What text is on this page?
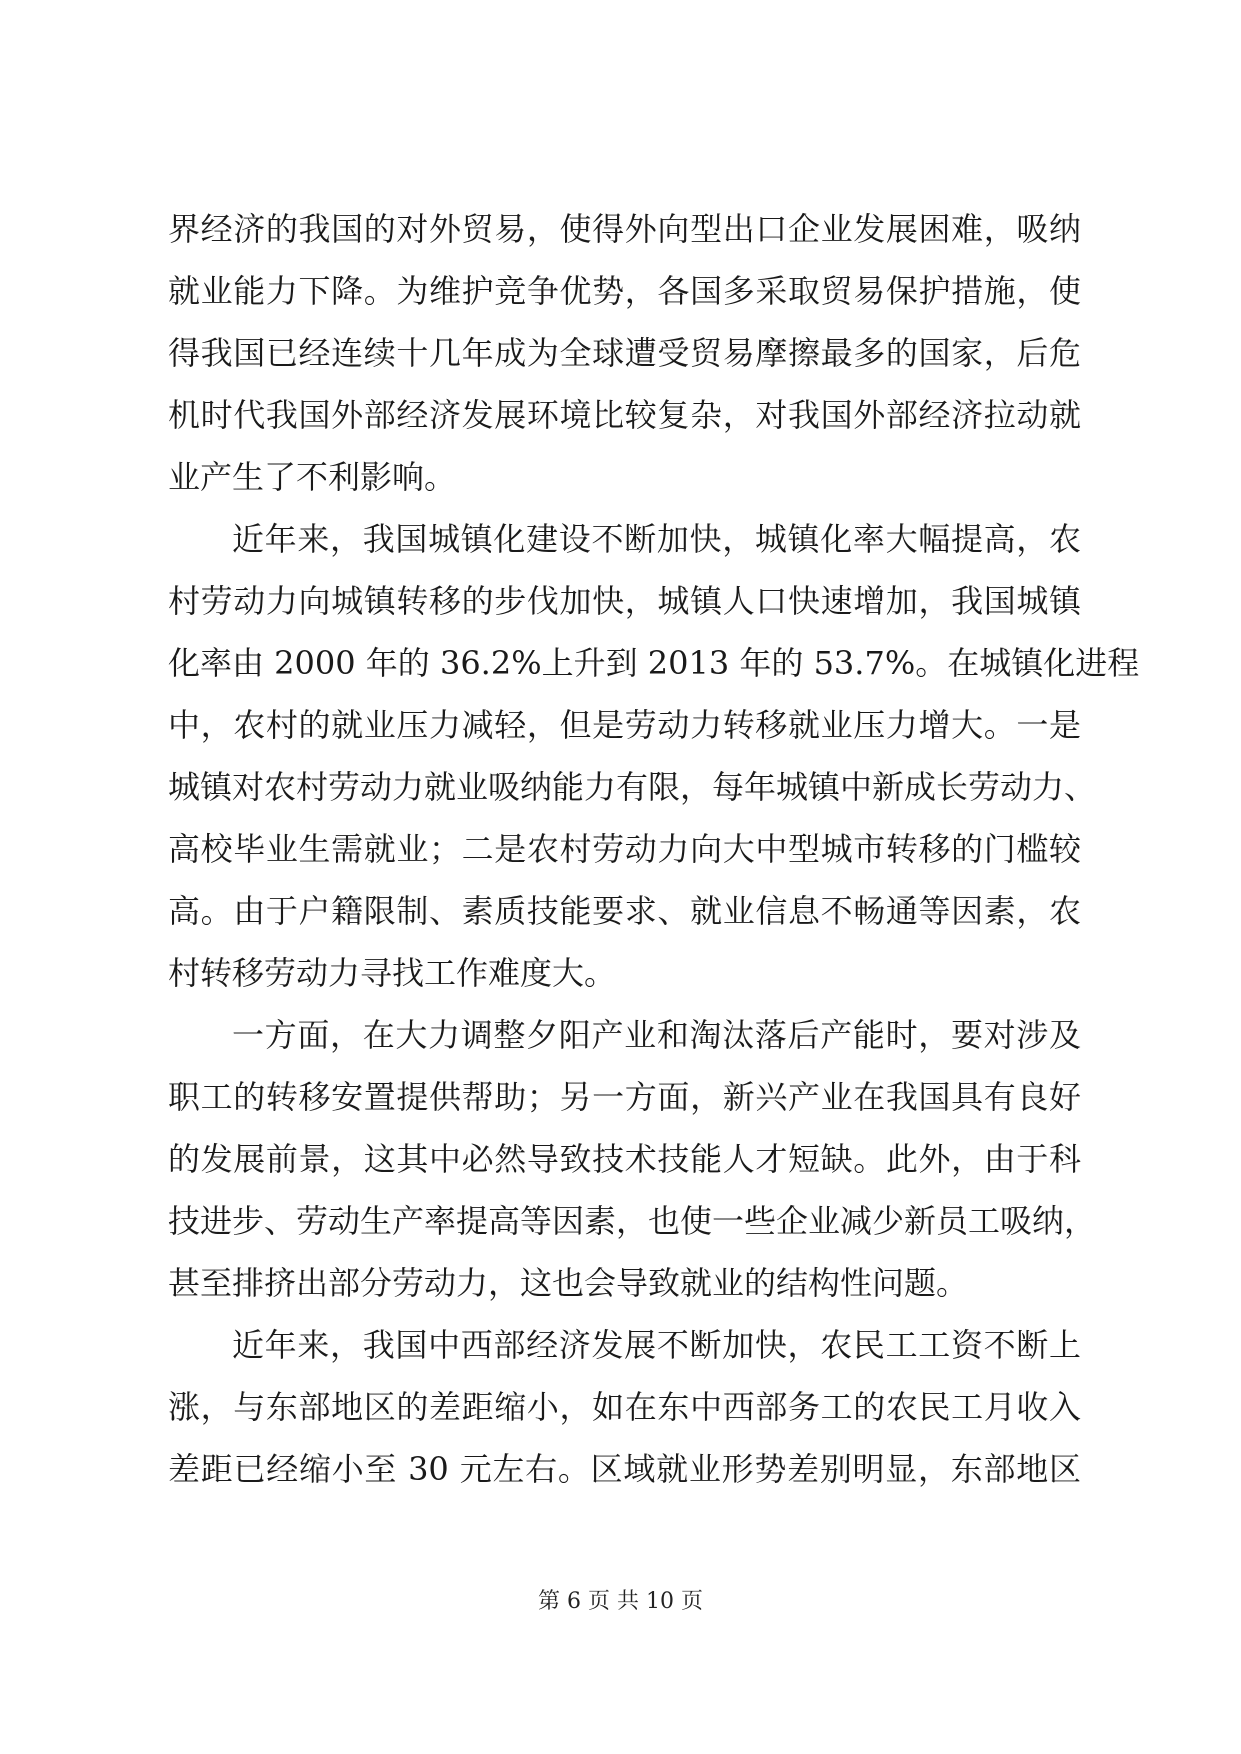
界经济的我国的对外贸易，使得外向型出口企业发展困难，吸纳
就业能力下降。为维护竞争优势，各国多采取贸易保护措施，使
得我国已经连续十几年成为全球遭受贸易摩擦最多的国家，后危
机时代我国外部经济发展环境比较复杂，对我国外部经济拉动就
业产生了不利影响。
近年来，我国城镇化建设不断加快，城镇化率大幅提高，农
村劳动力向城镇转移的步伐加快，城镇人口快速增加，我国城镇
化率由 2000 年的 36.2%上升到 2013 年的 53.7%。在城镇化进程
中，农村的就业压力减轻，但是劳动力转移就业压力增大。一是
城镇对农村劳动力就业吸纳能力有限，每年城镇中新成长劳动力、
高校毕业生需就业；二是农村劳动力向大中型城市转移的门槛较
高。由于户籍限制、素质技能要求、就业信息不畅通等因素，农
村转移劳动力寻找工作难度大。
一方面，在大力调整夕阳产业和淘汰落后产能时，要对涉及
职工的转移安置提供帮助；另一方面，新兴产业在我国具有良好
的发展前景，这其中必然导致技术技能人才短缺。此外，由于科
技进步、劳动生产率提高等因素，也使一些企业减少新员工吸纳，
甚至排挤出部分劳动力，这也会导致就业的结构性问题。
近年来，我国中西部经济发展不断加快，农民工工资不断上
涨，与东部地区的差距缩小，如在东中西部务工的农民工月收入
差距已经缩小至 30 元左右。区域就业形势差别明显，东部地区
第 6 页 共 10 页
